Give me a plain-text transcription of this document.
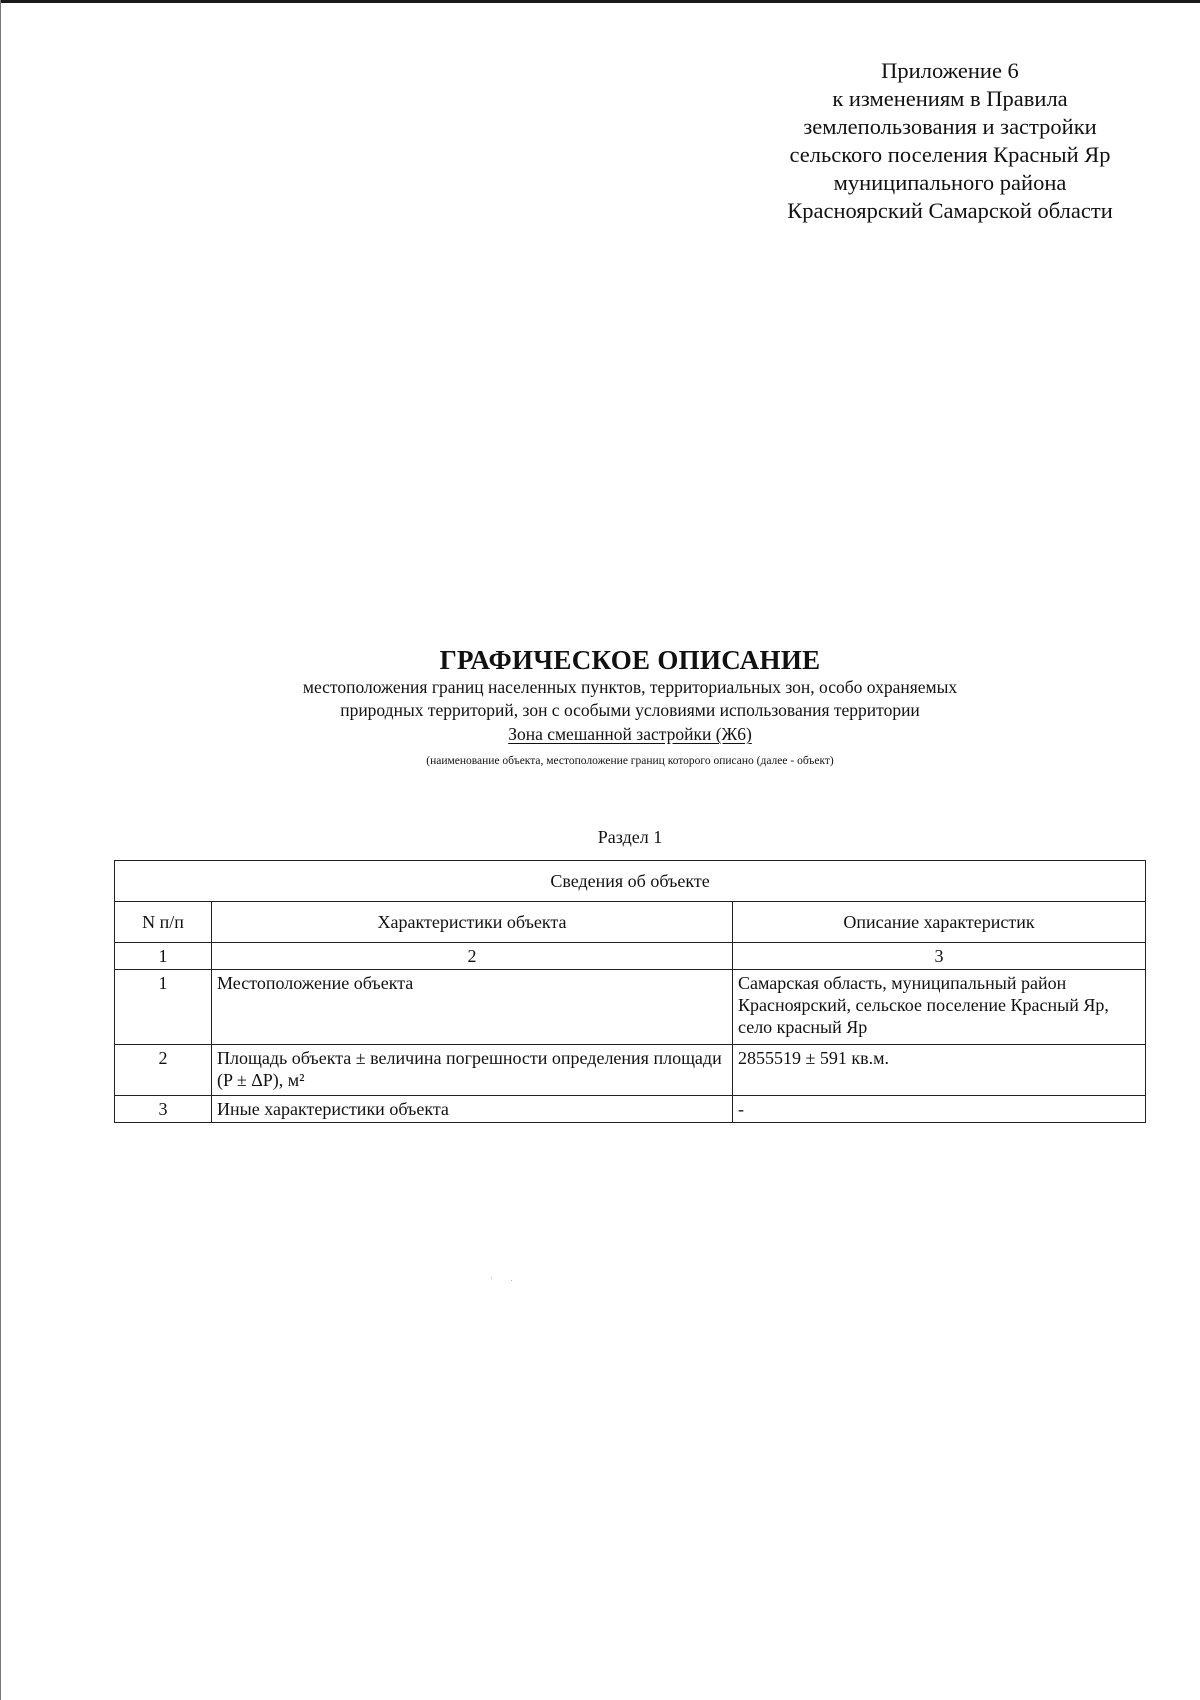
Приложение 6
к изменениям в Правила
землепользования и застройки
сельского поселения Красный Яр
муниципального района
Красноярский Самарской области
ГРАФИЧЕСКОЕ ОПИСАНИЕ
местоположения границ населенных пунктов, территориальных зон, особо охраняемых
природных территорий, зон с особыми условиями использования территории
Зона смешанной застройки (Ж6)
(наименование объекта, местоположение границ которого описано (далее - объект)
Раздел 1
Сведения об объекте		
N п/п	Характеристики объекта	Описание характеристик
1	2	3
1	Местоположение объекта	Самарская область, муниципальный район Красноярский, сельское поселение Красный Яр, село красный Яр
2	Площадь объекта ± величина погрешности определения площади (P ± ΔP), м²	2855519 ± 591 кв.м.
3	Иные характеристики объекта	-
·.
